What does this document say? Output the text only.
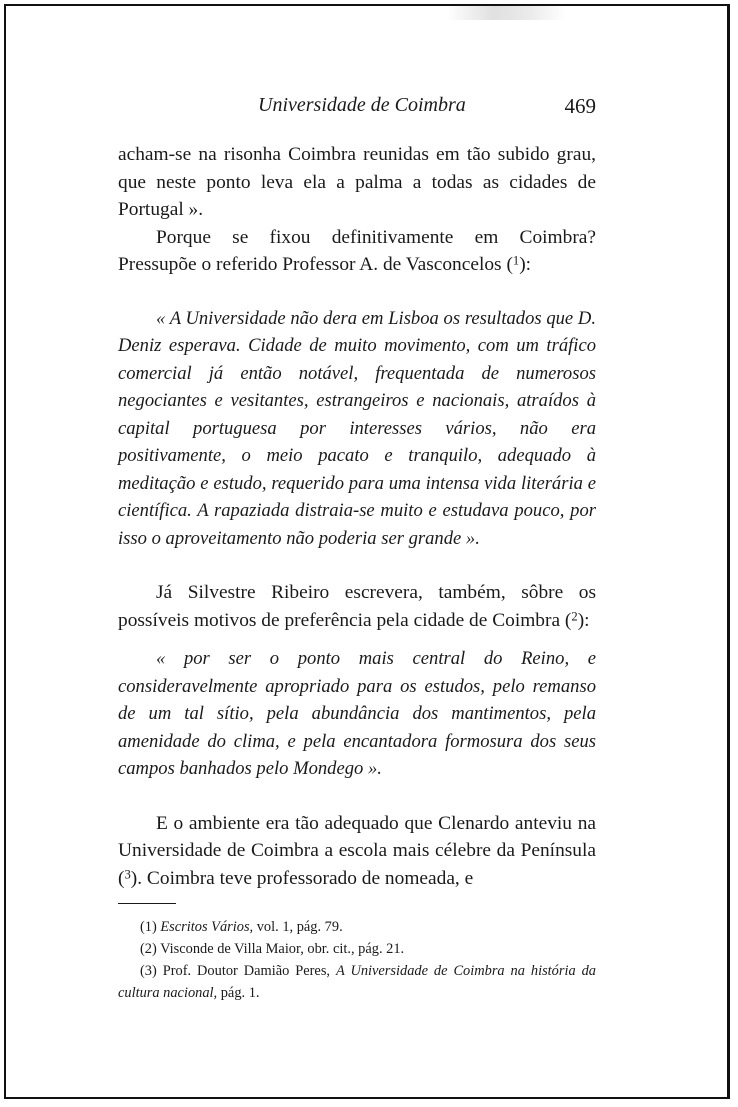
Universidade de Coimbra	469

acham-se na risonha Coimbra reunidas em tão subido grau, que neste ponto leva ela a palma a todas as cidades de Portugal ».

Porque se fixou definitivamente em Coimbra? Pressupõe o referido Professor A. de Vasconcelos ($^1$):

« A Universidade não dera em Lisboa os resultados que D. Deniz esperava. Cidade de muito movimento, com um tráfico comercial já então notável, frequentada de numerosos negociantes e vesitantes, estrangeiros e nacionais, atraídos à capital portuguesa por interesses vários, não era positivamente, o meio pacato e tranquilo, adequado à meditação e estudo, requerido para uma intensa vida literária e científica. A rapaziada distraia-se muito e estudava pouco, por isso o aproveitamento não poderia ser grande ».

Já Silvestre Ribeiro escrevera, também, sôbre os possíveis motivos de preferência pela cidade de Coimbra ($^2$):

« por ser o ponto mais central do Reino, e consideravelmente apropriado para os estudos, pelo remanso de um tal sítio, pela abundância dos mantimentos, pela amenidade do clima, e pela encantadora formosura dos seus campos banhados pelo Mondego ».

E o ambiente era tão adequado que Clenardo anteviu na Universidade de Coimbra a escola mais célebre da Península ($^3$). Coimbra teve professorado de nomeada, e

(1) Escritos Vários, vol. 1, pág. 79.

(2) Visconde de Villa Maior, obr. cit., pág. 21.

(3) Prof. Doutor Damião Peres, A Universidade de Coimbra na história da cultura nacional, pág. 1.
